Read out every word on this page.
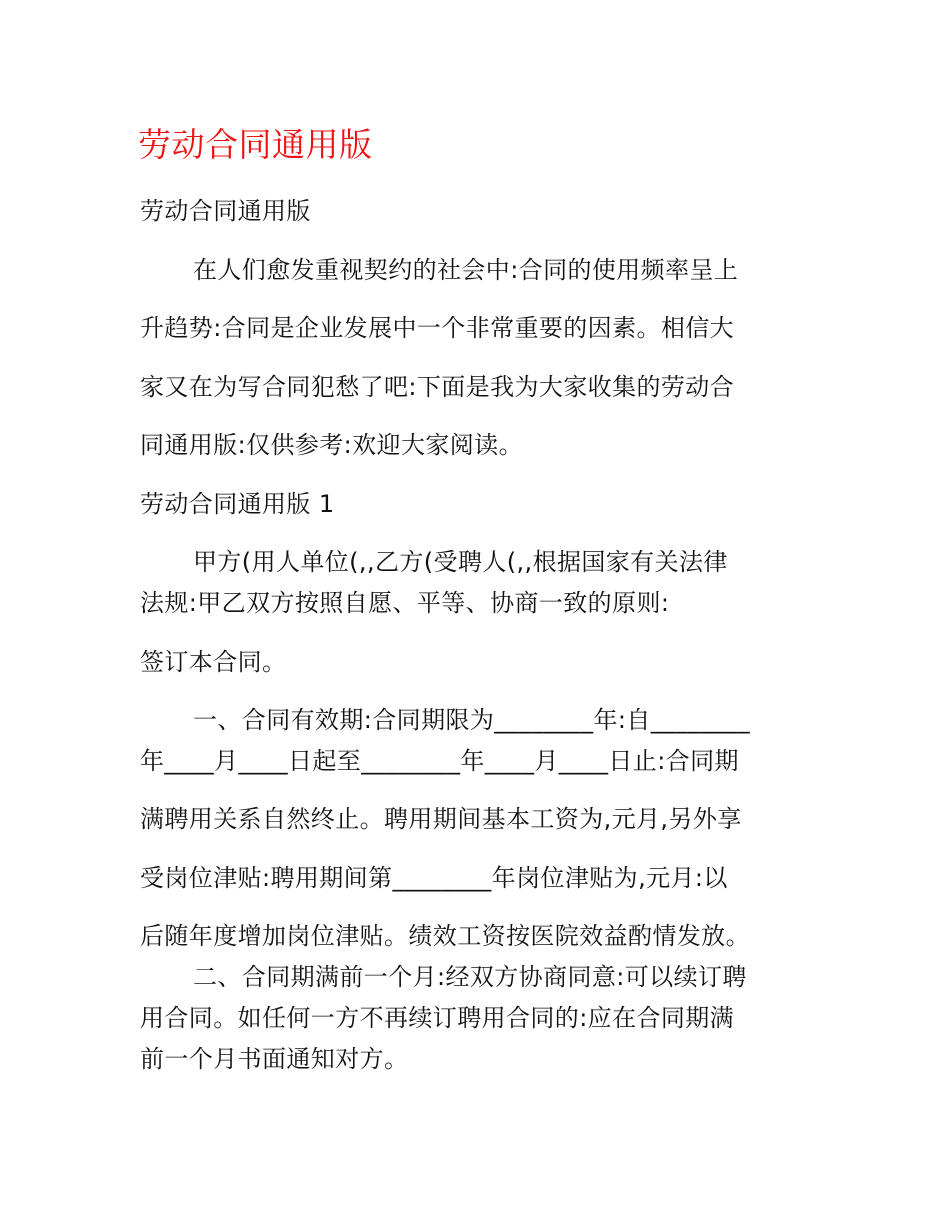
劳动合同通用版
劳动合同通用版
在人们愈发重视契约的社会中:合同的使用频率呈上
升趋势:合同是企业发展中一个非常重要的因素。相信大
家又在为写合同犯愁了吧:下面是我为大家收集的劳动合
同通用版:仅供参考:欢迎大家阅读。
劳动合同通用版 1
甲方(用人单位(,,乙方(受聘人(,,根据国家有关法律
法规:甲乙双方按照自愿、平等、协商一致的原则:
签订本合同。
一、合同有效期:合同期限为________年:自________
年____月____日起至________年____月____日止:合同期
满聘用关系自然终止。聘用期间基本工资为,元月,另外享
受岗位津贴:聘用期间第________年岗位津贴为,元月:以
后随年度增加岗位津贴。绩效工资按医院效益酌情发放。
二、合同期满前一个月:经双方协商同意:可以续订聘
用合同。如任何一方不再续订聘用合同的:应在合同期满
前一个月书面通知对方。
